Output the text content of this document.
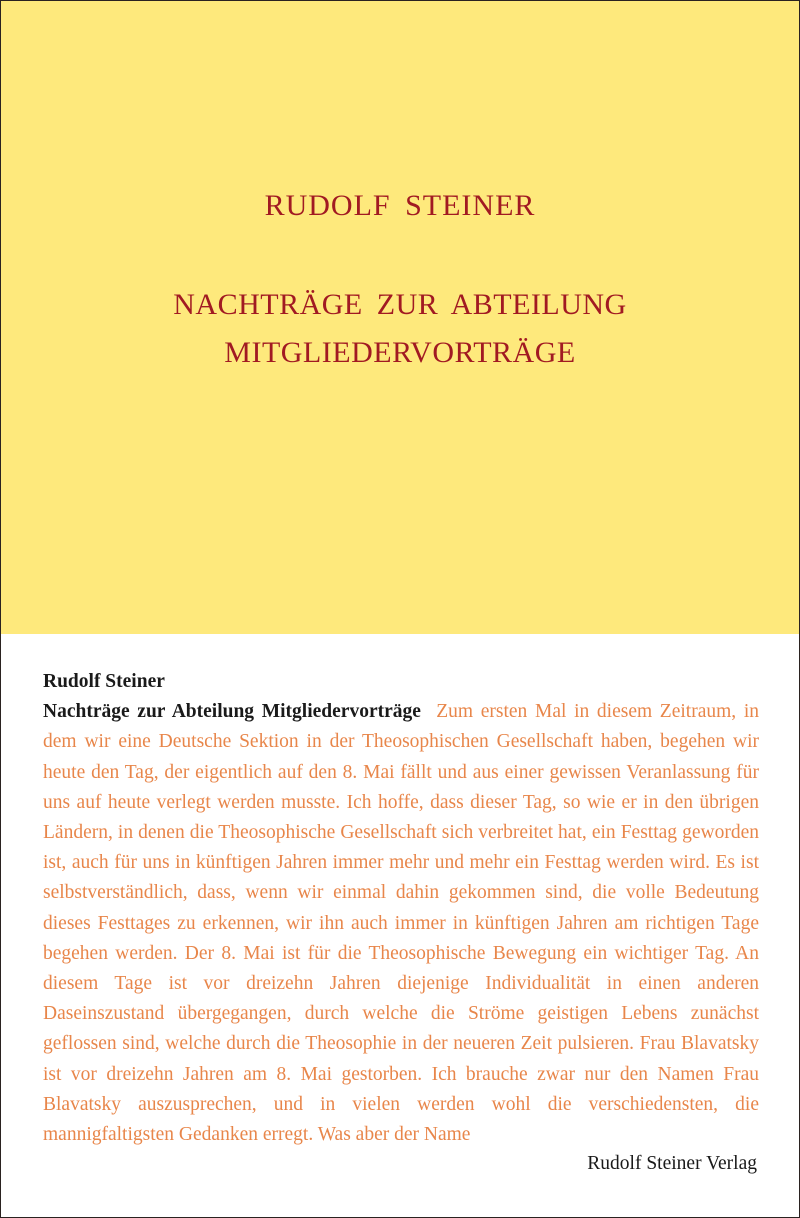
RUDOLF STEINER
NACHTRÄGE ZUR ABTEILUNG
MITGLIEDERVORTRÄGE
Rudolf Steiner

Nachträge zur Abteilung Mitgliedervorträge Zum ersten Mal in diesem Zeitraum, in dem wir eine Deutsche Sektion in der Theosophischen Gesellschaft haben, begehen wir heute den Tag, der eigentlich auf den 8. Mai fällt und aus einer gewissen Veranlassung für uns auf heute verlegt werden musste. Ich hoffe, dass dieser Tag, so wie er in den übrigen Ländern, in denen die Theosophische Gesellschaft sich verbreitet hat, ein Festtag geworden ist, auch für uns in künftigen Jahren immer mehr und mehr ein Festtag werden wird. Es ist selbstverständlich, dass, wenn wir einmal dahin gekommen sind, die volle Bedeutung dieses Festtages zu erkennen, wir ihn auch immer in künftigen Jahren am richtigen Tage begehen werden. Der 8. Mai ist für die Theosophische Bewegung ein wichtiger Tag. An diesem Tage ist vor dreizehn Jahren diejenige Individualität in einen anderen Daseinszustand übergegangen, durch welche die Ströme geistigen Lebens zunächst geflossen sind, welche durch die Theosophie in der neueren Zeit pulsieren. Frau Blavatsky ist vor dreizehn Jahren am 8. Mai gestorben. Ich brauche zwar nur den Namen Frau Blavatsky auszusprechen, und in vielen werden wohl die verschiedensten, die mannigfaltigsten Gedanken erregt. Was aber der Name

Rudolf Steiner Verlag
